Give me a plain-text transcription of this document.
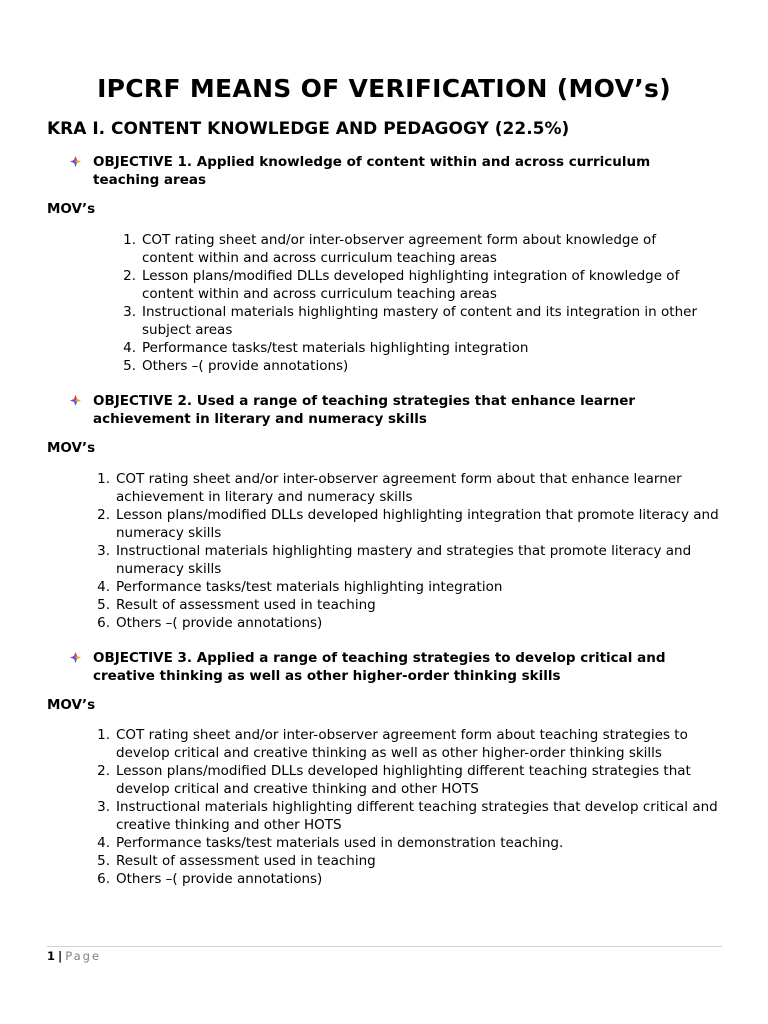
IPCRF MEANS OF VERIFICATION (MOV’s)
KRA I. CONTENT KNOWLEDGE AND PEDAGOGY (22.5%)
OBJECTIVE 1. Applied knowledge of content within and across curriculum teaching areas
MOV’s
1. COT rating sheet and/or inter-observer agreement form about knowledge of content within and across curriculum teaching areas
2. Lesson plans/modified DLLs developed highlighting integration of knowledge of content within and across curriculum teaching areas
3. Instructional materials highlighting mastery of content and its integration in other subject areas
4. Performance tasks/test materials highlighting integration
5. Others –( provide annotations)
OBJECTIVE 2. Used a range of teaching strategies that enhance learner achievement in literary and numeracy skills
MOV’s
1. COT rating sheet and/or inter-observer agreement form about that enhance learner achievement in literary and numeracy skills
2. Lesson plans/modified DLLs developed highlighting integration that promote literacy and numeracy skills
3. Instructional materials highlighting mastery and strategies that promote literacy and numeracy skills
4. Performance tasks/test materials highlighting integration
5. Result of assessment used in teaching
6. Others –( provide annotations)
OBJECTIVE 3. Applied a range of teaching strategies to develop critical and creative thinking as well as other higher-order thinking skills
MOV’s
1. COT rating sheet and/or inter-observer agreement form about teaching strategies to develop critical and creative thinking as well as other higher-order thinking skills
2. Lesson plans/modified DLLs developed highlighting different teaching strategies that develop critical and creative thinking and other HOTS
3. Instructional materials highlighting different teaching strategies that develop critical and creative thinking and other HOTS
4. Performance tasks/test materials used in demonstration teaching.
5. Result of assessment used in teaching
6. Others –( provide annotations)
1 | Page
